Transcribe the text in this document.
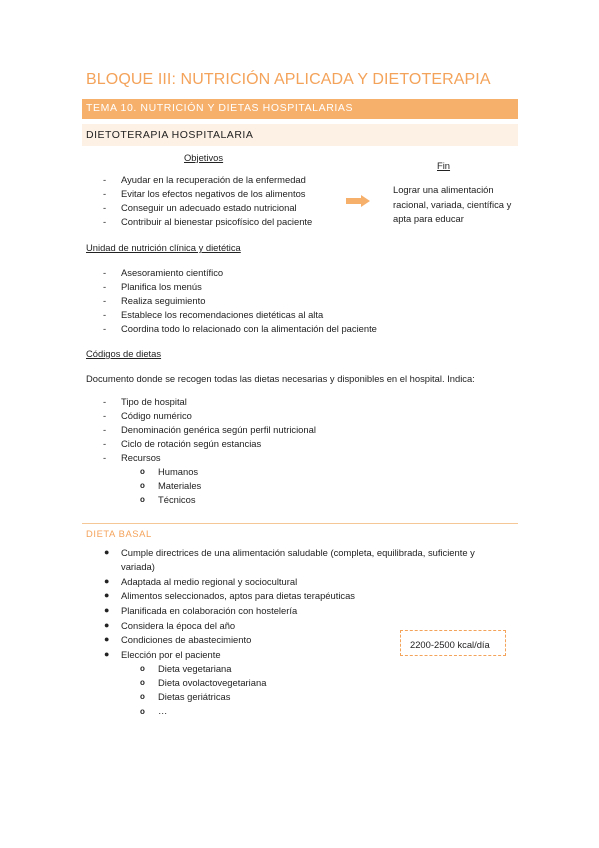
BLOQUE III: NUTRICIÓN APLICADA Y DIETOTERAPIA
TEMA 10. NUTRICIÓN Y DIETAS HOSPITALARIAS
DIETOTERAPIA HOSPITALARIA
Objetivos
- Ayudar en la recuperación de la enfermedad
- Evitar los efectos negativos de los alimentos
- Conseguir un adecuado estado nutricional
- Contribuir al bienestar psicofísico del paciente
Fin
Lograr una alimentación
racional, variada, científica y
apta para educar
Unidad de nutrición clínica y dietética
- Asesoramiento científico
- Planifica los menús
- Realiza seguimiento
- Establece los recomendaciones dietéticas al alta
- Coordina todo lo relacionado con la alimentación del paciente
Códigos de dietas
Documento donde se recogen todas las dietas necesarias y disponibles en el hospital. Indica:
- Tipo de hospital
- Código numérico
- Denominación genérica según perfil nutricional
- Ciclo de rotación según estancias
- Recursos
o Humanos
o Materiales
o Técnicos
DIETA BASAL
● Cumple directrices de una alimentación saludable (completa, equilibrada, suficiente y
variada)
● Adaptada al medio regional y sociocultural
● Alimentos seleccionados, aptos para dietas terapéuticas
● Planificada en colaboración con hostelería
● Considera la época del año
● Condiciones de abastecimiento
● Elección por el paciente
o Dieta vegetariana
o Dieta ovolactovegetariana
o Dietas geriátricas
o …
2200-2500 kcal/día
